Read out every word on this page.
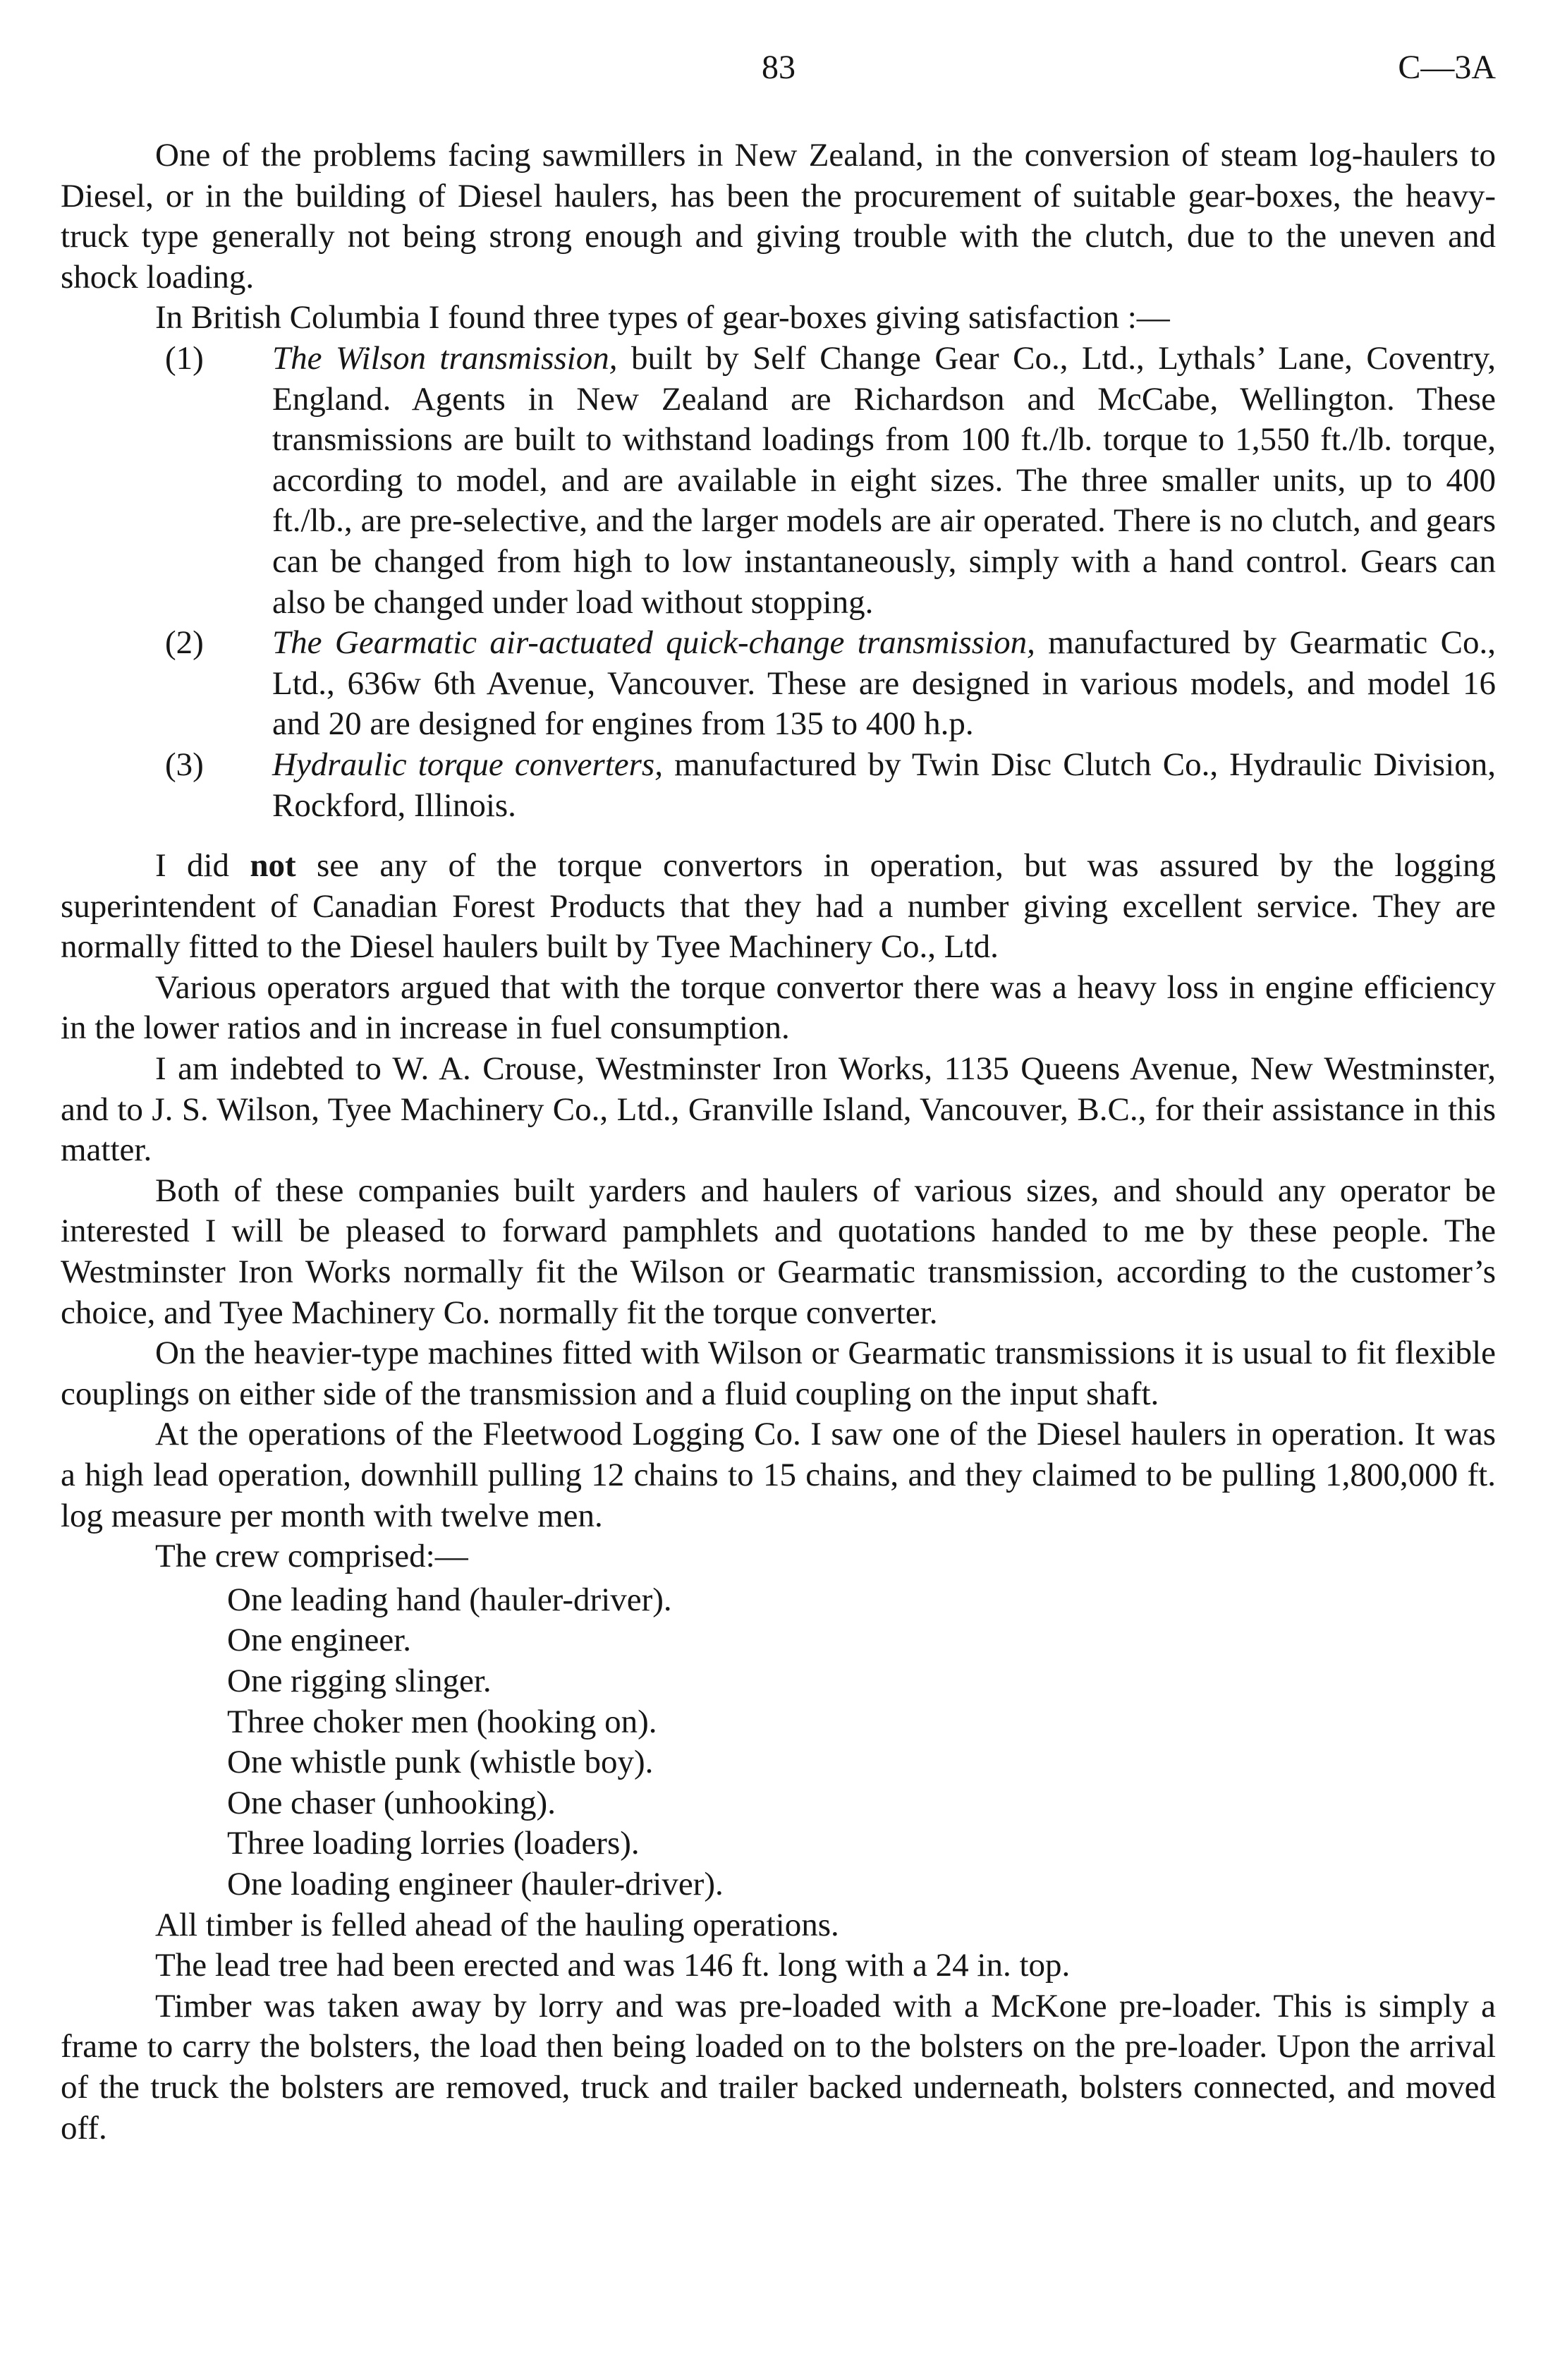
83	C—3A

One of the problems facing sawmillers in New Zealand, in the conversion of steam log-haulers to Diesel, or in the building of Diesel haulers, has been the procurement of suitable gear-boxes, the heavy-truck type generally not being strong enough and giving trouble with the clutch, due to the uneven and shock loading.

In British Columbia I found three types of gear-boxes giving satisfaction :—

(1) The Wilson transmission, built by Self Change Gear Co., Ltd., Lythals’ Lane, Coventry, England. Agents in New Zealand are Richardson and McCabe, Wellington. These transmissions are built to withstand loadings from 100 ft./lb. torque to 1,550 ft./lb. torque, according to model, and are available in eight sizes. The three smaller units, up to 400 ft./lb., are pre-selective, and the larger models are air operated. There is no clutch, and gears can be changed from high to low instantaneously, simply with a hand control. Gears can also be changed under load without stopping.
(2) The Gearmatic air-actuated quick-change transmission, manufactured by Gearmatic Co., Ltd., 636w 6th Avenue, Vancouver. These are designed in various models, and model 16 and 20 are designed for engines from 135 to 400 h.p.
(3) Hydraulic torque converters, manufactured by Twin Disc Clutch Co., Hydraulic Division, Rockford, Illinois.

I did not see any of the torque convertors in operation, but was assured by the logging superintendent of Canadian Forest Products that they had a number giving excellent service. They are normally fitted to the Diesel haulers built by Tyee Machinery Co., Ltd.

Various operators argued that with the torque convertor there was a heavy loss in engine efficiency in the lower ratios and in increase in fuel consumption.

I am indebted to W. A. Crouse, Westminster Iron Works, 1135 Queens Avenue, New Westminster, and to J. S. Wilson, Tyee Machinery Co., Ltd., Granville Island, Vancouver, B.C., for their assistance in this matter.

Both of these companies built yarders and haulers of various sizes, and should any operator be interested I will be pleased to forward pamphlets and quotations handed to me by these people. The Westminster Iron Works normally fit the Wilson or Gearmatic transmission, according to the customer’s choice, and Tyee Machinery Co. normally fit the torque converter.

On the heavier-type machines fitted with Wilson or Gearmatic transmissions it is usual to fit flexible couplings on either side of the transmission and a fluid coupling on the input shaft.

At the operations of the Fleetwood Logging Co. I saw one of the Diesel haulers in operation. It was a high lead operation, downhill pulling 12 chains to 15 chains, and they claimed to be pulling 1,800,000 ft. log measure per month with twelve men.

The crew comprised:—

One leading hand (hauler-driver).
One engineer.
One rigging slinger.
Three choker men (hooking on).
One whistle punk (whistle boy).
One chaser (unhooking).
Three loading lorries (loaders).
One loading engineer (hauler-driver).

All timber is felled ahead of the hauling operations.

The lead tree had been erected and was 146 ft. long with a 24 in. top.

Timber was taken away by lorry and was pre-loaded with a McKone pre-loader. This is simply a frame to carry the bolsters, the load then being loaded on to the bolsters on the pre-loader. Upon the arrival of the truck the bolsters are removed, truck and trailer backed underneath, bolsters connected, and moved off.
